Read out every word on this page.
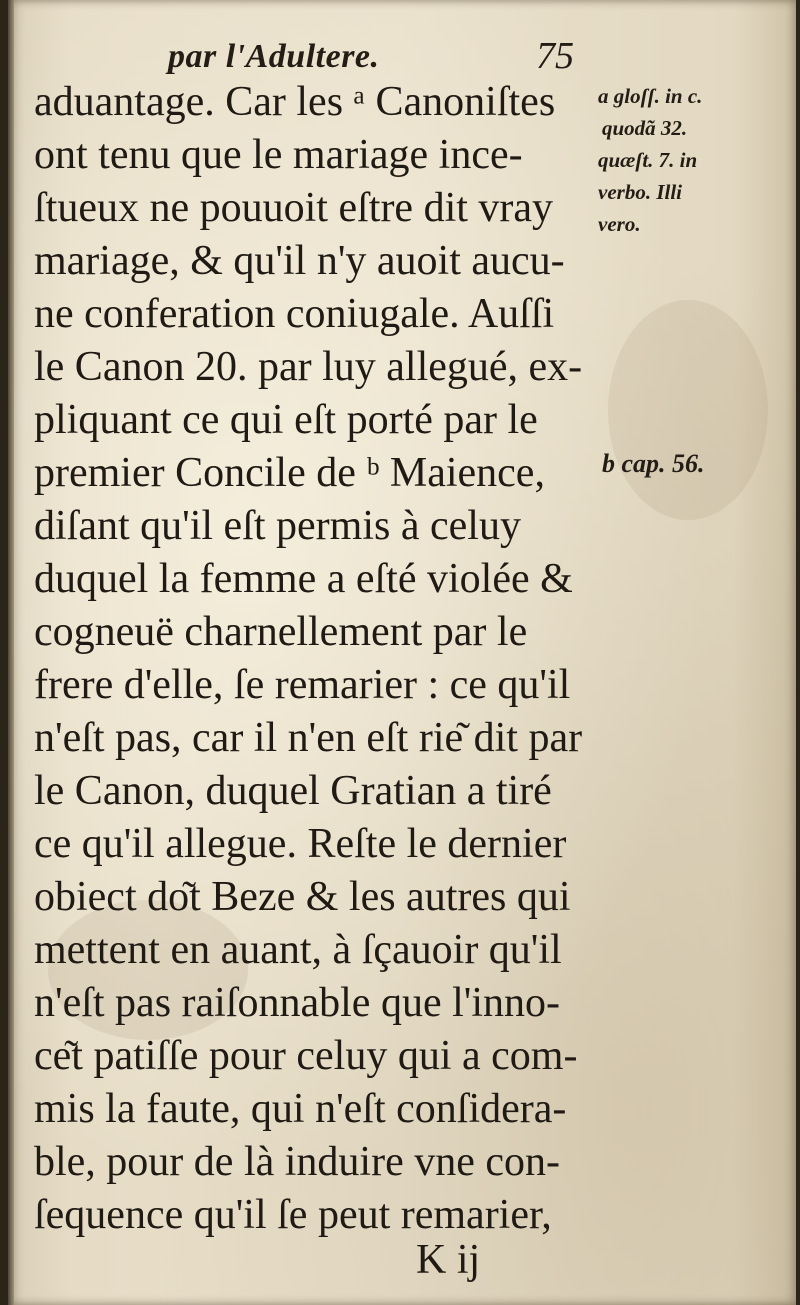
par l'Adultere.	75
aduantage. Car les ᵃ Canoniſtes
ont tenu que le mariage ince-
ſtueux ne pouuoit eſtre dit vray
mariage, & qu'il n'y auoit aucu-
ne conferation coniugale. Auſſi
le Canon 20. par luy allegué, ex-
pliquant ce qui eſt porté par le
premier Concile de ᵇ Maience,
diſant qu'il eſt permis à celuy
duquel la femme a eſté violée &
cogneuë charnellement par le
frere d'elle, ſe remarier : ce qu'il
n'eſt pas, car il n'en eſt rie͂ dit par
le Canon, duquel Gratian a tiré
ce qu'il allegue. Reſte le dernier
obiect do͂t Beze & les autres qui
mettent en auant, à ſçauoir qu'il
n'eſt pas raiſonnable que l'inno-
ce͂t patiſſe pour celuy qui a com-
mis la faute, qui n'eſt conſidera-
ble, pour de là induire vne con-
ſequence qu'il ſe peut remarier,
a gloſſ. in c.
quoda͂ 32.
quæſt. 7. in
verbo. Illi
vero.
b cap. 56.
K ij
